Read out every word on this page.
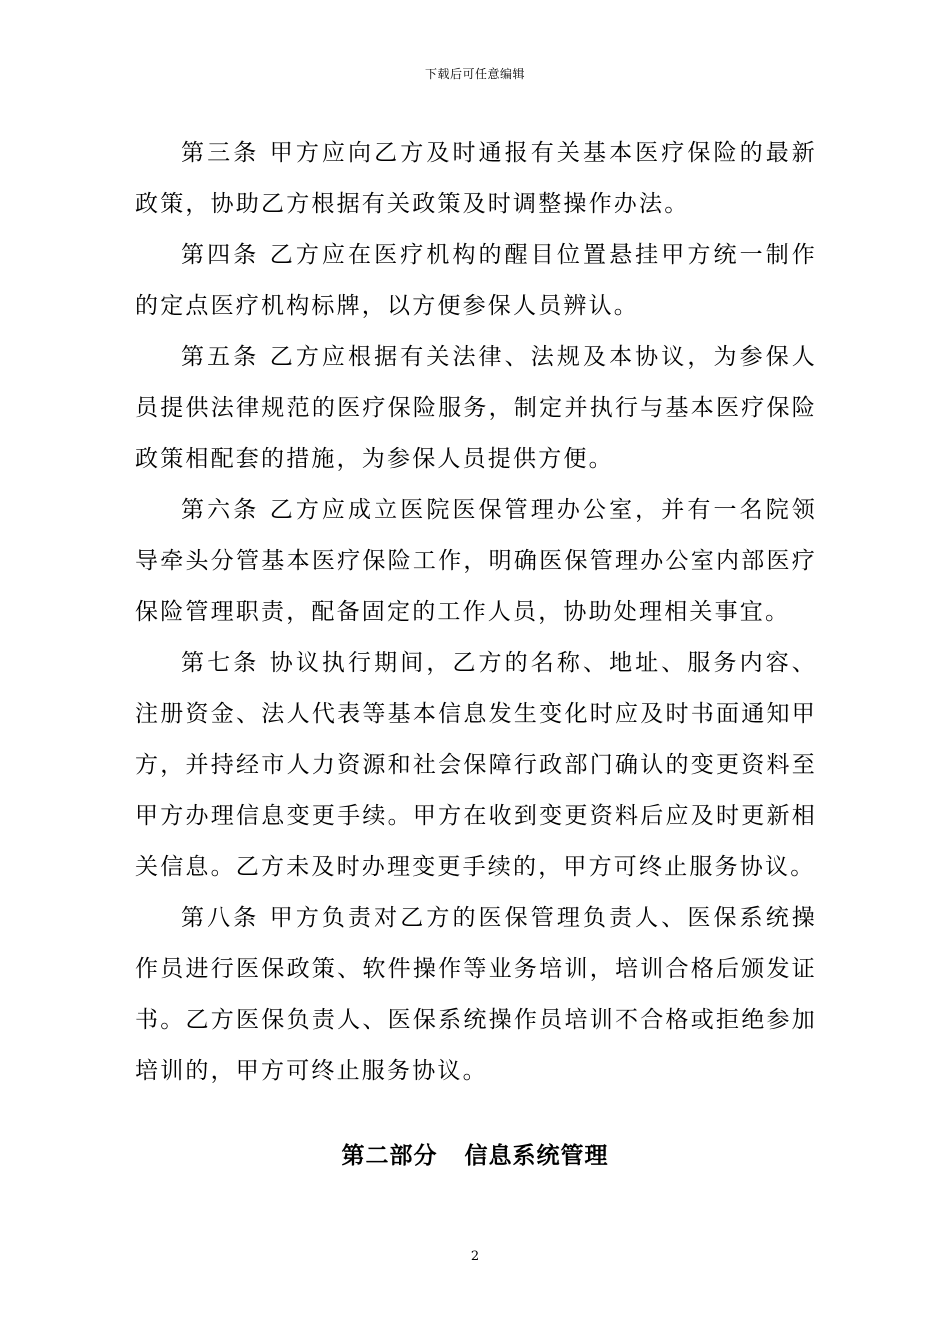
下载后可任意编辑

第三条 甲方应向乙方及时通报有关基本医疗保险的最新政策，协助乙方根据有关政策及时调整操作办法。

第四条 乙方应在医疗机构的醒目位置悬挂甲方统一制作的定点医疗机构标牌，以方便参保人员辨认。

第五条 乙方应根据有关法律、法规及本协议，为参保人员提供法律规范的医疗保险服务，制定并执行与基本医疗保险政策相配套的措施，为参保人员提供方便。

第六条 乙方应成立医院医保管理办公室，并有一名院领导牵头分管基本医疗保险工作，明确医保管理办公室内部医疗保险管理职责，配备固定的工作人员，协助处理相关事宜。

第七条 协议执行期间，乙方的名称、地址、服务内容、注册资金、法人代表等基本信息发生变化时应及时书面通知甲方，并持经市人力资源和社会保障行政部门确认的变更资料至甲方办理信息变更手续。甲方在收到变更资料后应及时更新相关信息。乙方未及时办理变更手续的，甲方可终止服务协议。

第八条 甲方负责对乙方的医保管理负责人、医保系统操作员进行医保政策、软件操作等业务培训，培训合格后颁发证书。乙方医保负责人、医保系统操作员培训不合格或拒绝参加培训的，甲方可终止服务协议。

第二部分   信息系统管理
2
